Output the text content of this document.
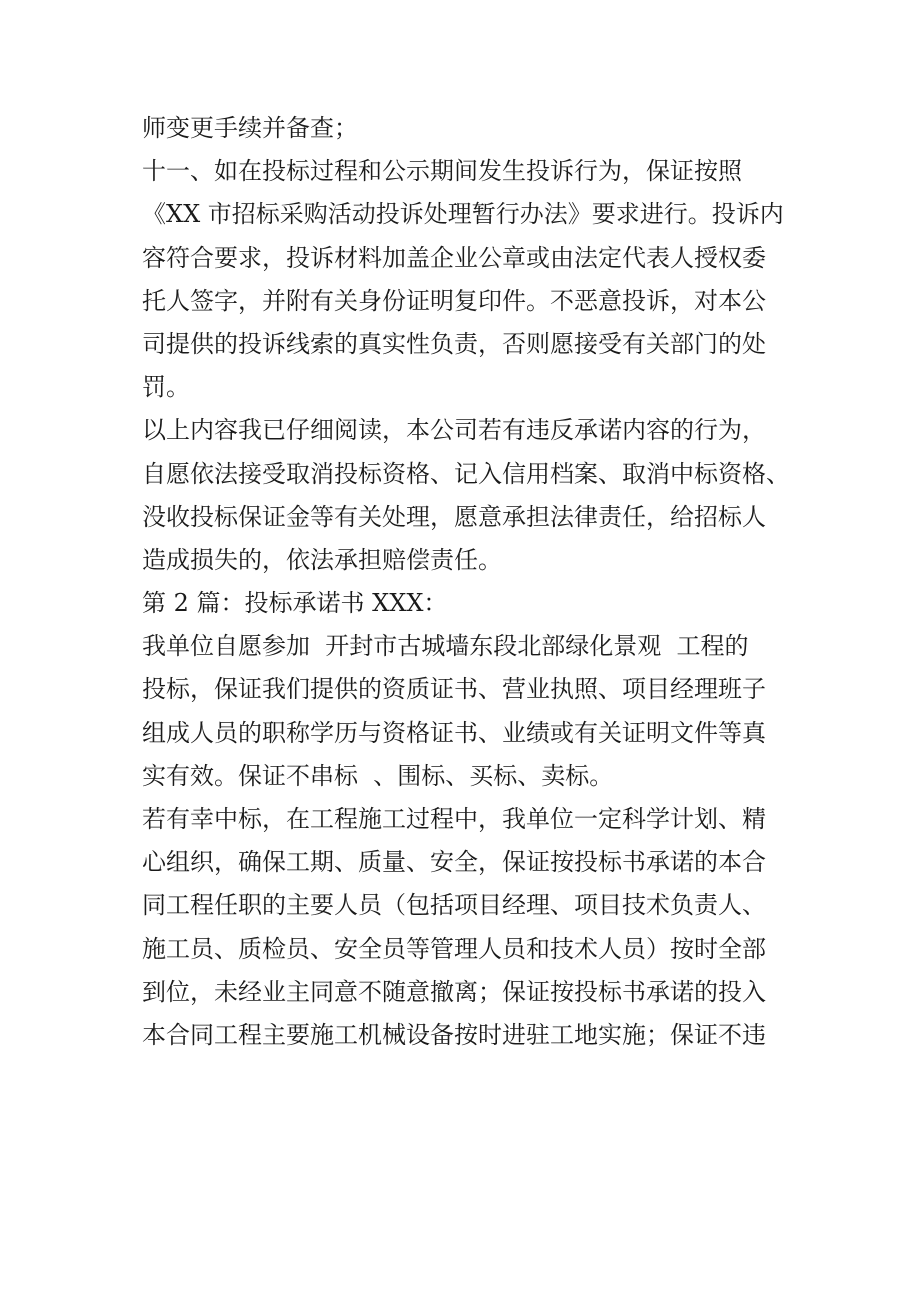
师变更手续并备查；
十一、如在投标过程和公示期间发生投诉行为，保证按照
《XX 市招标采购活动投诉处理暂行办法》要求进行。投诉内
容符合要求，投诉材料加盖企业公章或由法定代表人授权委
托人签字，并附有关身份证明复印件。不恶意投诉，对本公
司提供的投诉线索的真实性负责，否则愿接受有关部门的处
罚。
以上内容我已仔细阅读，本公司若有违反承诺内容的行为，
自愿依法接受取消投标资格、记入信用档案、取消中标资格、
没收投标保证金等有关处理，愿意承担法律责任，给招标人
造成损失的，依法承担赔偿责任。
第 2 篇：投标承诺书 XXX：
我单位自愿参加  开封市古城墙东段北部绿化景观  工程的
投标，保证我们提供的资质证书、营业执照、项目经理班子
组成人员的职称学历与资格证书、业绩或有关证明文件等真
实有效。保证不串标  、围标、买标、卖标。
若有幸中标，在工程施工过程中，我单位一定科学计划、精
心组织，确保工期、质量、安全，保证按投标书承诺的本合
同工程任职的主要人员（包括项目经理、项目技术负责人、
施工员、质检员、安全员等管理人员和技术人员）按时全部
到位，未经业主同意不随意撤离；保证按投标书承诺的投入
本合同工程主要施工机械设备按时进驻工地实施；保证不违
